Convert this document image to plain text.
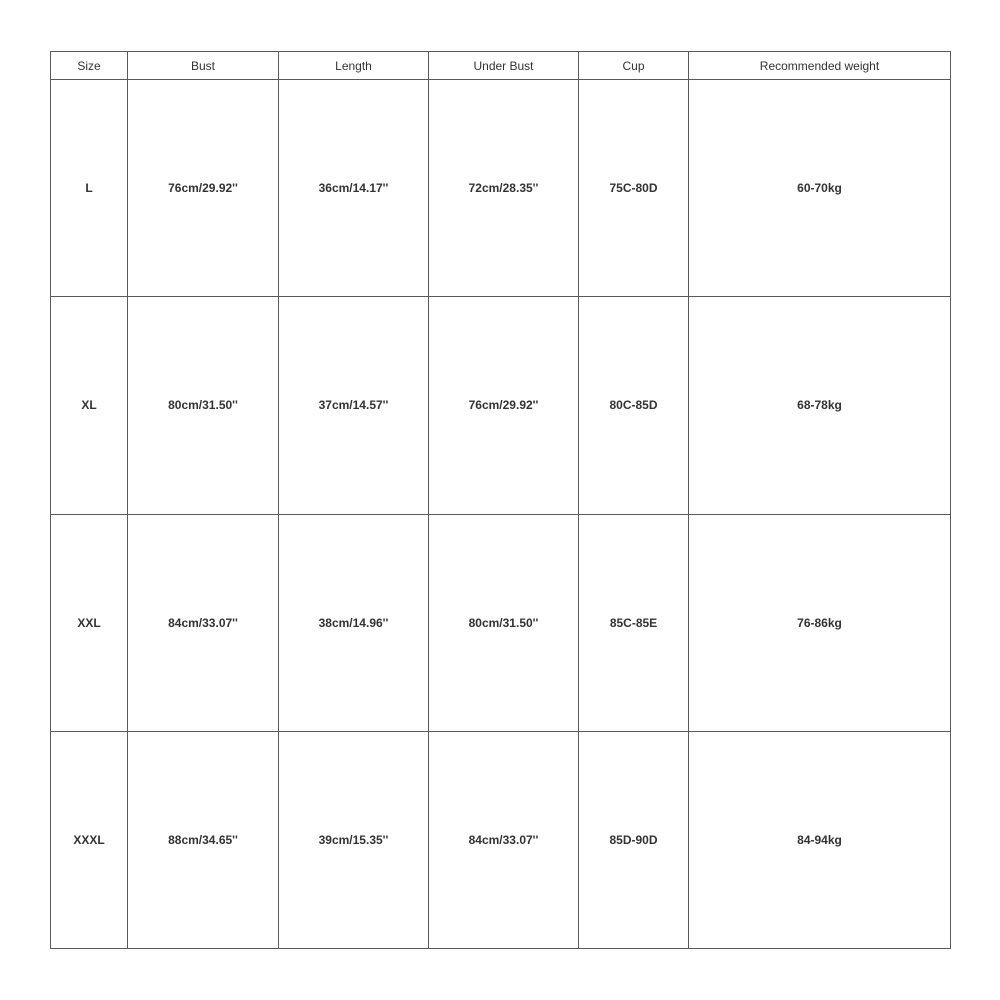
Size	Bust	Length	Under Bust	Cup	Recommended weight
L	76cm/29.92''	36cm/14.17''	72cm/28.35''	75C-80D	60-70kg
XL	80cm/31.50''	37cm/14.57''	76cm/29.92''	80C-85D	68-78kg
XXL	84cm/33.07''	38cm/14.96''	80cm/31.50''	85C-85E	76-86kg
XXXL	88cm/34.65''	39cm/15.35''	84cm/33.07''	85D-90D	84-94kg
